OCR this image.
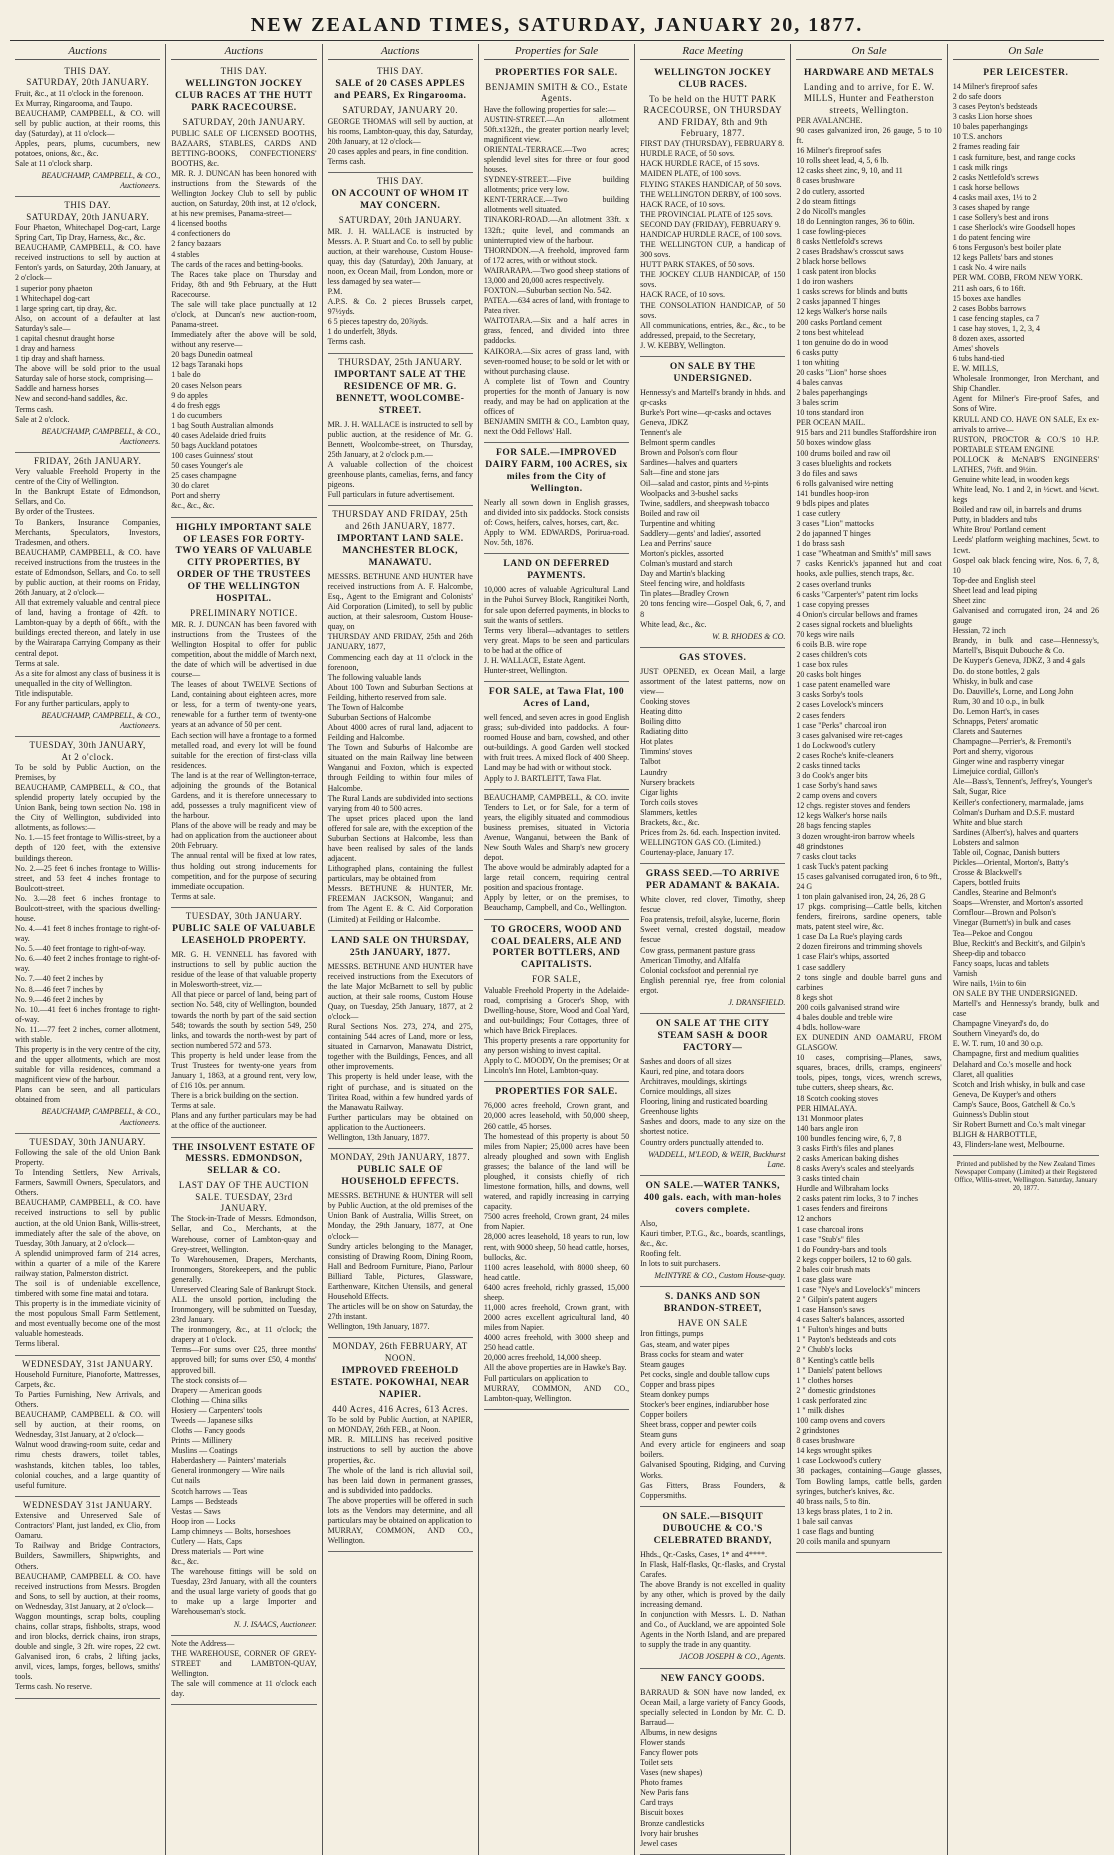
NEW ZEALAND TIMES, SATURDAY, JANUARY 20, 1877.
Auctions
THIS DAY.
SATURDAY, 20th JANUARY.
Fruit, &c., at 11 o'clock in the forenoon.
Ex Murray, Ringarooma, and Taupo.
BEAUCHAMP, CAMPBELL, & CO. will sell by public auction, at their rooms, this day (Saturday), at 11 o'clock—
Apples, pears, plums, cucumbers, new potatoes, onions, &c., &c.
Sale at 11 o'clock sharp.
BEAUCHAMP, CAMPBELL, & CO., Auctioneers.
THIS DAY.
SATURDAY, 20th JANUARY.
Four Phaeton, Whitechapel Dog-cart, Large Spring Cart, Tip Dray, Harness, &c., &c.
BEAUCHAMP, CAMPBELL, & CO. have received instructions to sell by auction at Fenton's yards, on Saturday, 20th January, at 2 o'clock—
1 superior pony phaeton
1 Whitechapel dog-cart
1 large spring cart, tip dray, &c.
Also, on account of a defaulter at last Saturday's sale—
1 capital chesnut draught horse
1 dray and harness
1 tip dray and shaft harness.
The above will be sold prior to the usual Saturday sale of horse stock, comprising—
Saddle and harness horses
New and second-hand saddles, &c.
Terms cash.
Sale at 2 o'clock.
BEAUCHAMP, CAMPBELL, & CO., Auctioneers.
FRIDAY, 26th JANUARY.
Very valuable Freehold Property in the centre of the City of Wellington.
In the Bankrupt Estate of Edmondson, Sellars, and Co.
By order of the Trustees.
To Bankers, Insurance Companies, Merchants, Speculators, Investors, Tradesmen, and others.
BEAUCHAMP, CAMPBELL, & CO. have received instructions from the trustees in the estate of Edmondson, Sellars, and Co. to sell by public auction, at their rooms on Friday, 26th January, at 2 o'clock—
All that extremely valuable and central piece of land, having a frontage of 42ft. to Lambton-quay by a depth of 66ft., with the buildings erected thereon, and lately in use by the Wairarapa Carrying Company as their central depot.
Terms at sale.
As a site for almost any class of business it is unequalled in the city of Wellington.
Title indisputable.
For any further particulars, apply to
BEAUCHAMP, CAMPBELL, & CO., Auctioneers.
TUESDAY, 30th JANUARY,
At 2 o'clock.
To be sold by Public Auction, on the Premises, by
BEAUCHAMP, CAMPBELL, & CO., that splendid property lately occupied by the Union Bank, being town section No. 198 in the City of Wellington, subdivided into allotments, as follows:—
No. 1.—15 feet frontage to Willis-street, by a depth of 120 feet, with the extensive buildings thereon.
No. 2.—25 feet 6 inches frontage to Willis-street, and 53 feet 4 inches frontage to Boulcott-street.
No. 3.—28 feet 6 inches frontage to Boulcott-street, with the spacious dwelling-house.
No. 4.—41 feet 8 inches frontage to right-of-way.
No. 5.—40 feet frontage to right-of-way.
No. 6.—40 feet 2 inches frontage to right-of-way.
No. 7.—40 feet 2 inches by
No. 8.—46 feet 7 inches by
No. 9.—46 feet 2 inches by
No. 10.—41 feet 6 inches frontage to right-of-way.
No. 11.—77 feet 2 inches, corner allotment, with stable.
This property is in the very centre of the city, and the upper allotments, which are most suitable for villa residences, command a magnificent view of the harbour.
Plans can be seen, and all particulars obtained from
BEAUCHAMP, CAMPBELL, & CO., Auctioneers.
TUESDAY, 30th JANUARY.
Following the sale of the old Union Bank Property.
To Intending Settlers, New Arrivals, Farmers, Sawmill Owners, Speculators, and Others.
BEAUCHAMP, CAMPBELL, & CO. have received instructions to sell by public auction, at the old Union Bank, Willis-street, immediately after the sale of the above, on Tuesday, 30th January, at 2 o'clock—
A splendid unimproved farm of 214 acres, within a quarter of a mile of the Karere railway station, Palmerston district.
The soil is of undeniable excellence, timbered with some fine matai and totara.
This property is in the immediate vicinity of the most populous Small Farm Settlement, and most eventually become one of the most valuable homesteads.
Terms liberal.
WEDNESDAY, 31st JANUARY.
Household Furniture, Pianoforte, Mattresses, Carpets, &c.
To Parties Furnishing, New Arrivals, and Others.
BEAUCHAMP, CAMPBELL & CO. will sell by auction, at their rooms, on Wednesday, 31st January, at 2 o'clock—
Walnut wood drawing-room suite, cedar and rimu chests drawers, toilet tables, washstands, kitchen tables, loo tables, colonial couches, and a large quantity of useful furniture.
WEDNESDAY 31st JANUARY.
Extensive and Unreserved Sale of Contractors' Plant, just landed, ex Clio, from Oamaru.
To Railway and Bridge Contractors, Builders, Sawmillers, Shipwrights, and Others.
BEAUCHAMP, CAMPBELL & CO. have received instructions from Messrs. Brogden and Sons, to sell by auction, at their rooms, on Wednesday, 31st January, at 2 o'clock—
Waggon mountings, scrap bolts, coupling chains, collar straps, fishbolts, straps, wood and iron blocks, derrick chains, iron straps, double and single, 3 2ft. wire ropes, 22 cwt. Galvanised iron, 6 crabs, 2 lifting jacks, anvil, vices, lamps, forges, bellows, smiths' tools.
Terms cash. No reserve.
Auctions
THIS DAY.
WELLINGTON JOCKEY CLUB RACES AT THE HUTT PARK RACECOURSE.
SATURDAY, 20th JANUARY.
PUBLIC SALE OF LICENSED BOOTHS, BAZAARS, STABLES, CARDS AND BETTING-BOOKS, CONFECTIONERS' BOOTHS, &c.
MR. R. J. DUNCAN has been honored with instructions from the Stewards of the Wellington Jockey Club to sell by public auction, on Saturday, 20th inst, at 12 o'clock, at his new premises, Panama-street—
4 licensed booths
4 confectioners do
2 fancy bazaars
4 stables
The cards of the races and betting-books.
The Races take place on Thursday and Friday, 8th and 9th February, at the Hutt Racecourse.
The sale will take place punctually at 12 o'clock, at Duncan's new auction-room, Panama-street.
Immediately after the above will be sold, without any reserve—
20 bags Dunedin oatmeal
12 bags Taranaki hops
1 bale do
20 cases Nelson pears
9 do apples
4 do fresh eggs
1 do cucumbers
1 bag South Australian almonds
40 cases Adelaide dried fruits
50 bags Auckland potatoes
100 cases Guinness' stout
50 cases Younger's ale
25 cases champagne
30 do claret
Port and sherry
&c., &c., &c.
HIGHLY IMPORTANT SALE OF LEASES FOR FORTY-TWO YEARS OF VALUABLE CITY PROPERTIES, BY ORDER OF THE TRUSTEES OF THE WELLINGTON HOSPITAL.
PRELIMINARY NOTICE.
MR. R. J. DUNCAN has been favored with instructions from the Trustees of the Wellington Hospital to offer for public competition, about the middle of March next, the date of which will be advertised in due course—
The leases of about TWELVE Sections of Land, containing about eighteen acres, more or less, for a term of twenty-one years, renewable for a further term of twenty-one years at an advance of 50 per cent.
Each section will have a frontage to a formed metalled road, and every lot will be found suitable for the erection of first-class villa residences.
The land is at the rear of Wellington-terrace, adjoining the grounds of the Botanical Gardens, and it is therefore unnecessary to add, possesses a truly magnificent view of the harbour.
Plans of the above will be ready and may be had on application from the auctioneer about 20th February.
The annual rental will be fixed at low rates, thus holding out strong inducements for competition, and for the purpose of securing immediate occupation.
Terms at sale.
TUESDAY, 30th JANUARY.
PUBLIC SALE OF VALUABLE LEASEHOLD PROPERTY.
MR. G. H. VENNELL has favored with instructions to sell by public auction the residue of the lease of that valuable property in Molesworth-street, viz.—
All that piece or parcel of land, being part of section No. 548, city of Wellington, bounded towards the north by part of the said section 548; towards the south by section 549, 250 links, and towards the north-west by part of section numbered 572 and 573.
This property is held under lease from the Trust Trustees for twenty-one years from January 1, 1863, at a ground rent, very low, of £16 10s. per annum.
There is a brick building on the section.
Terms at sale.
Plans and any further particulars may be had at the office of the auctioneer.
THE INSOLVENT ESTATE OF MESSRS. EDMONDSON, SELLAR & CO.
LAST DAY OF THE AUCTION SALE. TUESDAY, 23rd JANUARY.
The Stock-in-Trade of Messrs. Edmondson, Sellar, and Co., Merchants, at the Warehouse, corner of Lambton-quay and Grey-street, Wellington.
To Warehousemen, Drapers, Merchants, Ironmongers, Storekeepers, and the public generally.
Unreserved Clearing Sale of Bankrupt Stock.
ALL the unsold portion, including the Ironmongery, will be submitted on Tuesday, 23rd January.
The ironmongery, &c., at 11 o'clock; the drapery at 1 o'clock.
Terms—For sums over £25, three months' approved bill; for sums over £50, 4 months' approved bill.
The stock consists of—
Drapery — American goods
Clothing — China silks
Hosiery — Carpenters' tools
Tweeds — Japanese silks
Cloths — Fancy goods
Prints — Millinery
Muslins — Coatings
Haberdashery — Painters' materials
General ironmongery — Wire nails
Cut nails
Scotch harrows — Teas
Lamps — Bedsteads
Vestas — Saws
Hoop iron — Locks
Lamp chimneys — Bolts, horseshoes
Cutlery — Hats, Caps
Dress materials — Port wine
&c., &c.
The warehouse fittings will be sold on Tuesday, 23rd January, with all the counters and the usual large variety of goods that go to make up a large Importer and Warehouseman's stock.
N. J. ISAACS, Auctioneer.
Note the Address—
THE WAREHOUSE, CORNER OF GREY-STREET and LAMBTON-QUAY, Wellington.
The sale will commence at 11 o'clock each day.
Auctions
THIS DAY.
SALE of 20 CASES APPLES and PEARS, Ex Ringarooma.
SATURDAY, JANUARY 20.
GEORGE THOMAS will sell by auction, at his rooms, Lambton-quay, this day, Saturday, 20th January, at 12 o'clock—
20 cases apples and pears, in fine condition.
Terms cash.
THIS DAY.
ON ACCOUNT OF WHOM IT MAY CONCERN.
SATURDAY, 20th JANUARY.
MR. J. H. WALLACE is instructed by Messrs. A. P. Stuart and Co. to sell by public auction, at their warehouse, Custom House-quay, this day (Saturday), 20th January, at noon, ex Ocean Mail, from London, more or less damaged by sea water—
P.M.
A.P.S. & Co. 2 pieces Brussels carpet, 97½yds.
6 5 pieces tapestry do, 20⅞yds.
1 do underfelt, 38yds.
Terms cash.
THURSDAY, 25th JANUARY.
IMPORTANT SALE AT THE RESIDENCE OF MR. G. BENNETT, WOOLCOMBE-STREET.
MR. J. H. WALLACE is instructed to sell by public auction, at the residence of Mr. G. Bennett, Woolcombe-street, on Thursday, 25th January, at 2 o'clock p.m.—
A valuable collection of the choicest greenhouse plants, camelias, ferns, and fancy pigeons.
Full particulars in future advertisement.
THURSDAY AND FRIDAY, 25th and 26th JANUARY, 1877.
IMPORTANT LAND SALE. MANCHESTER BLOCK, MANAWATU.
MESSRS. BETHUNE AND HUNTER have received instructions from A. F. Halcombe, Esq., Agent to the Emigrant and Colonists' Aid Corporation (Limited), to sell by public auction, at their salesroom, Custom House-quay, on
THURSDAY AND FRIDAY, 25th and 26th JANUARY, 1877,
Commencing each day at 11 o'clock in the forenoon,
The following valuable lands
About 100 Town and Suburban Sections at Feilding, hitherto reserved from sale.
The Town of Halcombe
Suburban Sections of Halcombe
About 4000 acres of rural land, adjacent to Feilding and Halcombe.
The Town and Suburbs of Halcombe are situated on the main Railway line between Wanganui and Foxton, which is expected through Feilding to within four miles of Halcombe.
The Rural Lands are subdivided into sections varying from 40 to 500 acres.
The upset prices placed upon the land offered for sale are, with the exception of the Suburban Sections at Halcombe, less than have been realised by sales of the lands adjacent.
Lithographed plans, containing the fullest particulars, may be obtained from
Messrs. BETHUNE & HUNTER, Mr. FREEMAN JACKSON, Wanganui; and from The Agent E. & C. Aid Corporation (Limited) at Feilding or Halcombe.
LAND SALE ON THURSDAY, 25th JANUARY, 1877.
MESSRS. BETHUNE AND HUNTER have received instructions from the Executors of the late Major McBarnett to sell by public auction, at their sale rooms, Custom House Quay, on Tuesday, 25th January, 1877, at 2 o'clock—
Rural Sections Nos. 273, 274, and 275, containing 544 acres of Land, more or less, situated in Carnarvon, Manawatu District, together with the Buildings, Fences, and all other improvements.
This property is held under lease, with the right of purchase, and is situated on the Tiritea Road, within a few hundred yards of the Manawatu Railway.
Further particulars may be obtained on application to the Auctioneers.
Wellington, 13th January, 1877.
MONDAY, 29th JANUARY, 1877.
PUBLIC SALE OF HOUSEHOLD EFFECTS.
MESSRS. BETHUNE & HUNTER will sell by Public Auction, at the old premises of the Union Bank of Australia, Willis Street, on Monday, the 29th January, 1877, at One o'clock—
Sundry articles belonging to the Manager, consisting of Drawing Room, Dining Room, Hall and Bedroom Furniture, Piano, Parlour Billiard Table, Pictures, Glassware, Earthenware, Kitchen Utensils, and general Household Effects.
The articles will be on show on Saturday, the 27th instant.
Wellington, 19th January, 1877.
MONDAY, 26th FEBRUARY, AT NOON.
IMPROVED FREEHOLD ESTATE. POKOWHAI, NEAR NAPIER.
440 Acres, 416 Acres, 613 Acres.
To be sold by Public Auction, at NAPIER, on MONDAY, 26th FEB., at Noon.
MR. R. MILLINS has received positive instructions to sell by auction the above properties, &c.
The whole of the land is rich alluvial soil, has been laid down in permanent grasses, and is subdivided into paddocks.
The above properties will be offered in such lots as the Vendors may determine, and all particulars may be obtained on application to
MURRAY, COMMON, AND CO., Wellington.
Properties for Sale
PROPERTIES FOR SALE.
BENJAMIN SMITH & CO., Estate Agents.
Have the following properties for sale:—
AUSTIN-STREET.—An allotment 50ft.x132ft., the greater portion nearly level; magnificent view.
ORIENTAL-TERRACE.—Two acres; splendid level sites for three or four good houses.
SYDNEY-STREET.—Five building allotments; price very low.
KENT-TERRACE.—Two building allotments well situated.
TINAKORI-ROAD.—An allotment 33ft. x 132ft.; quite level, and commands an uninterrupted view of the harbour.
THORNDON.—A freehold, improved farm of 172 acres, with or without stock.
WAIRARAPA.—Two good sheep stations of 13,000 and 20,000 acres respectively.
FOXTON.—Suburban section No. 542.
PATEA.—634 acres of land, with frontage to Patea river.
WAITOTARA.—Six and a half acres in grass, fenced, and divided into three paddocks.
KAIKORA.—Six acres of grass land, with seven-roomed house; to be sold or let with or without purchasing clause.
A complete list of Town and Country properties for the month of January is now ready, and may be had on application at the offices of
BENJAMIN SMITH & CO., Lambton quay, next the Odd Fellows' Hall.
FOR SALE.—IMPROVED DAIRY FARM, 100 ACRES, six miles from the City of Wellington.
Nearly all sown down in English grasses, and divided into six paddocks. Stock consists of: Cows, heifers, calves, horses, cart, &c.
Apply to WM. EDWARDS, Porirua-road. Nov. 5th, 1876.
LAND ON DEFERRED PAYMENTS.
10,000 acres of valuable Agricultural Land in the Puhoi Survey Block, Rangitikei North, for sale upon deferred payments, in blocks to suit the wants of settlers.
Terms very liberal—advantages to settlers very great. Maps to be seen and particulars to be had at the office of
J. H. WALLACE, Estate Agent.
Hunter-street, Wellington.
FOR SALE, at Tawa Flat, 100 Acres of Land,
well fenced, and seven acres in good English grass; sub-divided into paddocks. A four-roomed House and barn, cowshed, and other out-buildings. A good Garden well stocked with fruit trees. A mixed flock of 400 Sheep. Land may be had with or without stock.
Apply to J. BARTLEITT, Tawa Flat.
BEAUCHAMP, CAMPBELL, & CO. invite Tenders to Let, or for Sale, for a term of years, the eligibly situated and commodious business premises, situated in Victoria Avenue, Wanganui, between the Bank of New South Wales and Sharp's new grocery depot.
The above would be admirably adapted for a large retail concern, requiring central position and spacious frontage.
Apply by letter, or on the premises, to Beauchamp, Campbell, and Co., Wellington.
TO GROCERS, WOOD AND COAL DEALERS, ALE AND PORTER BOTTLERS, AND CAPITALISTS.
FOR SALE,
Valuable Freehold Property in the Adelaide-road, comprising a Grocer's Shop, with Dwelling-house, Store, Wood and Coal Yard, and out-buildings; Four Cottages, three of which have Brick Fireplaces.
This property presents a rare opportunity for any person wishing to invest capital.
Apply to C. MOODY, On the premises; Or at Lincoln's Inn Hotel, Lambton-quay.
PROPERTIES FOR SALE.
76,000 acres freehold, Crown grant, and 20,000 acres leasehold, with 50,000 sheep, 260 cattle, 45 horses.
The homestead of this property is about 50 miles from Napier; 25,000 acres have been already ploughed and sown with English grasses; the balance of the land will be ploughed, it consists chiefly of rich limestone formation, hills, and downs, well watered, and rapidly increasing in carrying capacity.
7500 acres freehold, Crown grant, 24 miles from Napier.
28,000 acres leasehold, 18 years to run, low rent, with 9000 sheep, 50 head cattle, horses, bullocks, &c.
1100 acres leasehold, with 8000 sheep, 60 head cattle.
6400 acres freehold, richly grassed, 15,000 sheep.
11,000 acres freehold, Crown grant, with 2000 acres excellent agricultural land, 40 miles from Napier.
4000 acres freehold, with 3000 sheep and 250 head cattle.
20,000 acres freehold, 14,000 sheep.
All the above properties are in Hawke's Bay.
Full particulars on application to
MURRAY, COMMON, AND CO., Lambton-quay, Wellington.
Race Meeting
WELLINGTON JOCKEY CLUB RACES.
To be held on the HUTT PARK RACECOURSE, ON THURSDAY AND FRIDAY, 8th and 9th February, 1877.
FIRST DAY (THURSDAY), FEBRUARY 8.
HURDLE RACE, of 50 sovs.
HACK HURDLE RACE, of 15 sovs.
MAIDEN PLATE, of 100 sovs.
FLYING STAKES HANDICAP, of 50 sovs.
THE WELLINGTON DERBY, of 100 sovs.
HACK RACE, of 10 sovs.
THE PROVINCIAL PLATE of 125 sovs.
SECOND DAY (FRIDAY), FEBRUARY 9.
HANDICAP HURDLE RACE, of 100 sovs.
THE WELLINGTON CUP, a handicap of 300 sovs.
HUTT PARK STAKES, of 50 sovs.
THE JOCKEY CLUB HANDICAP, of 150 sovs.
HACK RACE, of 10 sovs.
THE CONSOLATION HANDICAP, of 50 sovs.
All communications, entries, &c., &c., to be addressed, prepaid, to the Secretary,
J. W. KEBBY, Wellington.
ON SALE BY THE UNDERSIGNED.
Hennessy's and Martell's brandy in hhds. and qr-casks
Burke's Port wine—qr-casks and octaves
Geneva, JDKZ
Tennent's ale
Belmont sperm candles
Brown and Polson's corn flour
Sardines—halves and quarters
Salt—fine and stone jars
Oil—salad and castor, pints and ½-pints
Woolpacks and 3-bushel sacks
Twine, saddlers, and sheepwash tobacco
Boiled and raw oil
Turpentine and whiting
Saddlery—gents' and ladies', assorted
Lea and Perrins' sauce
Morton's pickles, assorted
Colman's mustard and starch
Day and Martin's blacking
Steel fencing wire, and holdfasts
Tin plates—Bradley Crown
20 tons fencing wire—Gospel Oak, 6, 7, and 8
White lead, &c., &c.
W. B. RHODES & CO.
GAS STOVES.
JUST OPENED, ex Ocean Mail, a large assortment of the latest patterns, now on view—
Cooking stoves
Heating ditto
Boiling ditto
Radiating ditto
Hot plates
Timmins' stoves
Talbot
Laundry
Nursery brackets
Cigar lights
Torch coils stoves
Slammers, kettles
Brackets, &c., &c.
Prices from 2s. 6d. each. Inspection invited.
WELLINGTON GAS CO. (Limited.)
Courtenay-place, January 17.
GRASS SEED.—TO ARRIVE PER ADAMANT & BAKAIA.
White clover, red clover, Timothy, sheep fescue
Foa pratensis, trefoil, alsyke, lucerne, florin
Sweet vernal, crested dogstail, meadow fescue
Cow grass, permanent pasture grass
American Timothy, and Alfalfa
Colonial cocksfoot and perennial rye
English perennial rye, free from colonial ergot.
J. DRANSFIELD.
ON SALE AT THE CITY STEAM SASH & DOOR FACTORY—
Sashes and doors of all sizes
Kauri, red pine, and totara doors
Architraves, mouldings, skirtings
Cornice mouldings, all sizes
Flooring, lining and rusticated boarding
Greenhouse lights
Sashes and doors, made to any size on the shortest notice.
Country orders punctually attended to.
WADDELL, M'LEOD, & WEIR, Buckhurst Lane.
ON SALE.—WATER TANKS, 400 gals. each, with man-holes covers complete.
Also,
Kauri timber, P.T.G., &c., boards, scantlings, &c., &c.
Roofing felt.
In lots to suit purchasers.
McINTYRE & CO., Custom House-quay.
S. DANKS AND SON BRANDON-STREET,
HAVE ON SALE
Iron fittings, pumps
Gas, steam, and water pipes
Brass cocks for steam and water
Steam gauges
Pet cocks, single and double tallow cups
Copper and brass pipes
Steam donkey pumps
Stocker's beer engines, indiarubber hose
Copper boilers
Sheet brass, copper and pewter coils
Steam guns
And every article for engineers and soap boilers.
Galvanised Spouting, Ridging, and Curving Works.
Gas Fitters, Brass Founders, & Coppersmiths.
ON SALE.—BISQUIT DUBOUCHE & CO.'S CELEBRATED BRANDY,
Hhds., Qr.-Casks, Cases, 1* and 4****.
In Flask, Half-flasks, Qr.-flasks, and Crystal Carafes.
The above Brandy is not excelled in quality by any other, which is proved by the daily increasing demand.
In conjunction with Messrs. L. D. Nathan and Co., of Auckland, we are appointed Sole Agents in the North Island, and are prepared to supply the trade in any quantity.
JACOB JOSEPH & CO., Agents.
NEW FANCY GOODS.
BARRAUD & SON have now landed, ex Ocean Mail, a large variety of Fancy Goods, specially selected in London by Mr. C. D. Barraud—
Albums, in new designs
Flower stands
Fancy flower pots
Toilet sets
Vases (new shapes)
Photo frames
New Paris fans
Card trays
Biscuit boxes
Bronze candlesticks
Ivory hair brushes
Jewel cases
On Sale
HARDWARE AND METALS
Landing and to arrive, for E. W. MILLS, Hunter and Featherston streets, Wellington.
PER AVALANCHE.
90 cases galvanized iron, 26 gauge, 5 to 10 ft.
16 Milner's fireproof safes
10 rolls sheet lead, 4, 5, 6 lb.
12 casks sheet zinc, 9, 10, and 11
8 cases brushware
2 do cutlery, assorted
2 do steam fittings
2 do Nicoll's mangles
18 do Lennington ranges, 36 to 60in.
1 case fowling-pieces
8 casks Nettlefold's screws
2 cases Bradshaw's crosscut saws
2 black horse bellows
1 cask patent iron blocks
1 do iron washers
1 casks screws for blinds and butts
2 casks japanned T hinges
12 kegs Walker's horse nails
200 casks Portland cement
2 tons best whitelead
1 ton genuine do do in wood
6 casks putty
1 ton whiting
20 casks "Lion" horse shoes
4 bales canvas
2 bales paperhangings
3 bales scrim
10 tons standard iron
PER OCEAN MAIL.
915 bars and 211 bundles Staffordshire iron
50 boxes window glass
100 drums boiled and raw oil
3 cases bluelights and rockets
3 do files and saws
6 rolls galvanised wire netting
141 bundles hoop-iron
9 bdls pipes and plates
1 case cutlery
3 cases "Lion" mattocks
2 do japanned T hinges
1 do brass sash
1 case "Wheatman and Smith's" mill saws
7 casks Kenrick's japanned hut and coat hooks, axle pullies, stench traps, &c.
2 cases overland trunks
6 casks "Carpenter's" patent rim locks
1 case copying presses
4 Onion's circular bellows and frames
2 cases signal rockets and bluelights
70 kegs wire nails
6 coils B.B. wire rope
2 cases children's cots
1 case box rules
20 casks bolt hinges
1 case patent enamelled ware
3 casks Sorby's tools
2 cases Lovelock's mincers
2 cases fenders
1 case "Perks" charcoal iron
3 cases galvanised wire ret-cages
1 do Lockwood's cutlery
2 cases Roche's knife-cleaners
2 casks tinned tacks
3 do Cook's anger bits
1 case Sorby's hand saws
2 camp ovens and covers
12 chgs. register stoves and fenders
12 kegs Walker's horse nails
28 bags fencing staples
3 dozen wrought-iron barrow wheels
48 grindstones
7 casks clout tacks
1 cask Tuck's patent packing
15 cases galvanised corrugated iron, 6 to 9ft., 24 G
1 ton plain galvanised iron, 24, 26, 28 G
17 pkgs. comprising—Cattle bells, kitchen fenders, fireirons, sardine openers, table mats, patent steel wire, &c.
1 case Da La Rue's playing cards
2 dozen fireirons and trimming shovels
1 case Flair's whips, assorted
1 case saddlery
2 tons single and double barrel guns and carbines
8 kegs shot
200 coils galvanised strand wire
4 bales double and treble wire
4 bdls. hollow-ware
EX DUNEDIN AND OAMARU, FROM GLASGOW.
10 cases, comprising—Planes, saws, squares, braces, drills, cramps, engineers' tools, pipes, tongs, vices, wrench screws, tube cutters, sheep shears, &c.
18 Scotch cooking stoves
PER HIMALAYA.
131 Monmoor plates
140 bars angle iron
100 bundles fencing wire, 6, 7, 8
3 casks Firth's files and planes
2 casks American baking dishes
8 casks Avery's scales and steelyards
3 casks tinted chain
Hurdle and Wilbraham locks
2 casks patent rim locks, 3 to 7 inches
1 cases fenders and fireirons
12 anchors
1 case charcoal irons
1 case "Stub's" files
1 do Foundry-bars and tools
2 kegs copper boilers, 12 to 60 gals.
2 bales coir brush mats
1 case glass ware
1 case "Nye's and Lovelock's" mincers
2 " Gilpin's patent augers
1 case Hanson's saws
4 cases Salter's balances, assorted
1 " Fulton's hinges and butts
1 " Payton's bedsteads and cots
2 " Chubb's locks
8 " Kenting's cattle bells
1 " Daniels' patent bellows
1 " clothes horses
2 " domestic grindstones
1 cask perforated zinc
1 " milk dishes
100 camp ovens and covers
2 grindstones
8 cases brushware
14 kegs wrought spikes
1 case Lockwood's cutlery
38 packages, containing—Gauge glasses, Tom Bowling lamps, cattle bells, garden syringes, butcher's knives, &c.
40 brass nails, 5 to 8in.
13 kegs brass plates, 1 to 2 in.
1 bale sail canvas
1 case flags and bunting
20 coils manila and spunyarn
On Sale
PER LEICESTER.
14 Milner's fireproof safes
2 do safe doors
3 cases Peyton's bedsteads
3 casks Lion horse shoes
10 bales paperhangings
10 T.S. anchors
2 frames reading fair
1 cask furniture, best, and range cocks
1 cask milk rings
2 casks Nettlefold's screws
1 cask horse bellows
4 casks mail axes, 1½ to 2
3 cases shaped by range
1 case Sollery's best and irons
1 case Sherlock's wire Goodsell hopes
1 do patent fencing wire
6 tons Ferguson's best boiler plate
12 kegs Pallets' bars and stones
1 cask No. 4 wire nails
PER WM. COBB, FROM NEW YORK.
211 ash oars, 6 to 16ft.
15 boxes axe handles
2 cases Bobbs barrows
1 case fencing staples, ca 7
1 case hay stoves, 1, 2, 3, 4
8 dozen axes, assorted
Ames' shovels
6 tubs hand-tied
E. W. MILLS,
Wholesale Ironmonger, Iron Merchant, and Ship Chandler.
Agent for Milner's Fire-proof Safes, and Sons of Wire.
KRULL AND CO. HAVE ON SALE, Ex ex-arrivals to arrive—
RUSTON, PROCTOR & CO.'S 10 H.P. PORTABLE STEAM ENGINE
POLLOCK & McNAB'S ENGINEERS' LATHES, 7½ft. and 9½in.
Genuine white lead, in wooden kegs
White lead, No. 1 and 2, in ½cwt. and ⅛cwt. kegs
Boiled and raw oil, in barrels and drums
Putty, in bladders and tubs
White Brou' Portland cement
Leeds' platform weighing machines, 5cwt. to 1cwt.
Gospel oak black fencing wire, Nos. 6, 7, 8, 10
Top-dee and English steel
Sheet lead and lead piping
Sheet zinc
Galvanised and corrugated iron, 24 and 26 gauge
Hessian, 72 inch
Brandy, in bulk and case—Hennessy's, Martell's, Bisquit Dubouche & Co.
De Kuyper's Geneva, JDKZ, 3 and 4 gals
Do. do stone bottles, 2 gals
Whisky, in bulk and case
Do. Dauville's, Lorne, and Long John
Rum, 30 and 10 o.p., in bulk
Do. Lemon Hart's, in cases
Schnapps, Peters' aromatic
Clarets and Sauternes
Champagne—Perrier's, & Fremonti's
Port and sherry, vigorous
Ginger wine and raspberry vinegar
Limejuice cordial, Gillon's
Ale—Bass's, Tennent's, Jeffrey's, Younger's
Salt, Sugar, Rice
Keiller's confectionery, marmalade, jams
Colman's Durham and D.S.F. mustard
White and blue starch
Sardines (Albert's), halves and quarters
Lobsters and salmon
Table oil, Cognac, Danish butters
Pickles—Oriental, Morton's, Batty's
Crosse & Blackwell's
Capers, bottled fruits
Candles, Stearine and Belmont's
Soaps—Wrenster, and Morton's assorted
Cornflour—Brown and Polson's
Vinegar (Burnett's) in bulk and cases
Tea—Pekoe and Congou
Blue, Reckitt's and Beckitt's, and Gilpin's
Sheep-dip and tobacco
Fancy soaps, lucas and tablets
Varnish
Wire nails, 1½in to 6in
ON SALE BY THE UNDERSIGNED.
Martell's and Hennessy's brandy, bulk and case
Champagne Vineyard's do, do
Southern Vineyard's do, do
E. W. T. rum, 10 and 30 o.p.
Champagne, first and medium qualities
Delahard and Co.'s moselle and hock
Claret, all qualities
Scotch and Irish whisky, in bulk and case
Geneva, De Kuyper's and others
Camp's Sauce, Boos, Gatchell & Co.'s
Guinness's Dublin stout
Sir Robert Burnett and Co.'s malt vinegar
BLIGH & HARBOTTLE,
43, Flinders-lane west, Melbourne.
Printed and published by the New Zealand Times Newspaper Company (Limited) at their Registered Office, Willis-street, Wellington. Saturday, January 20, 1877.
